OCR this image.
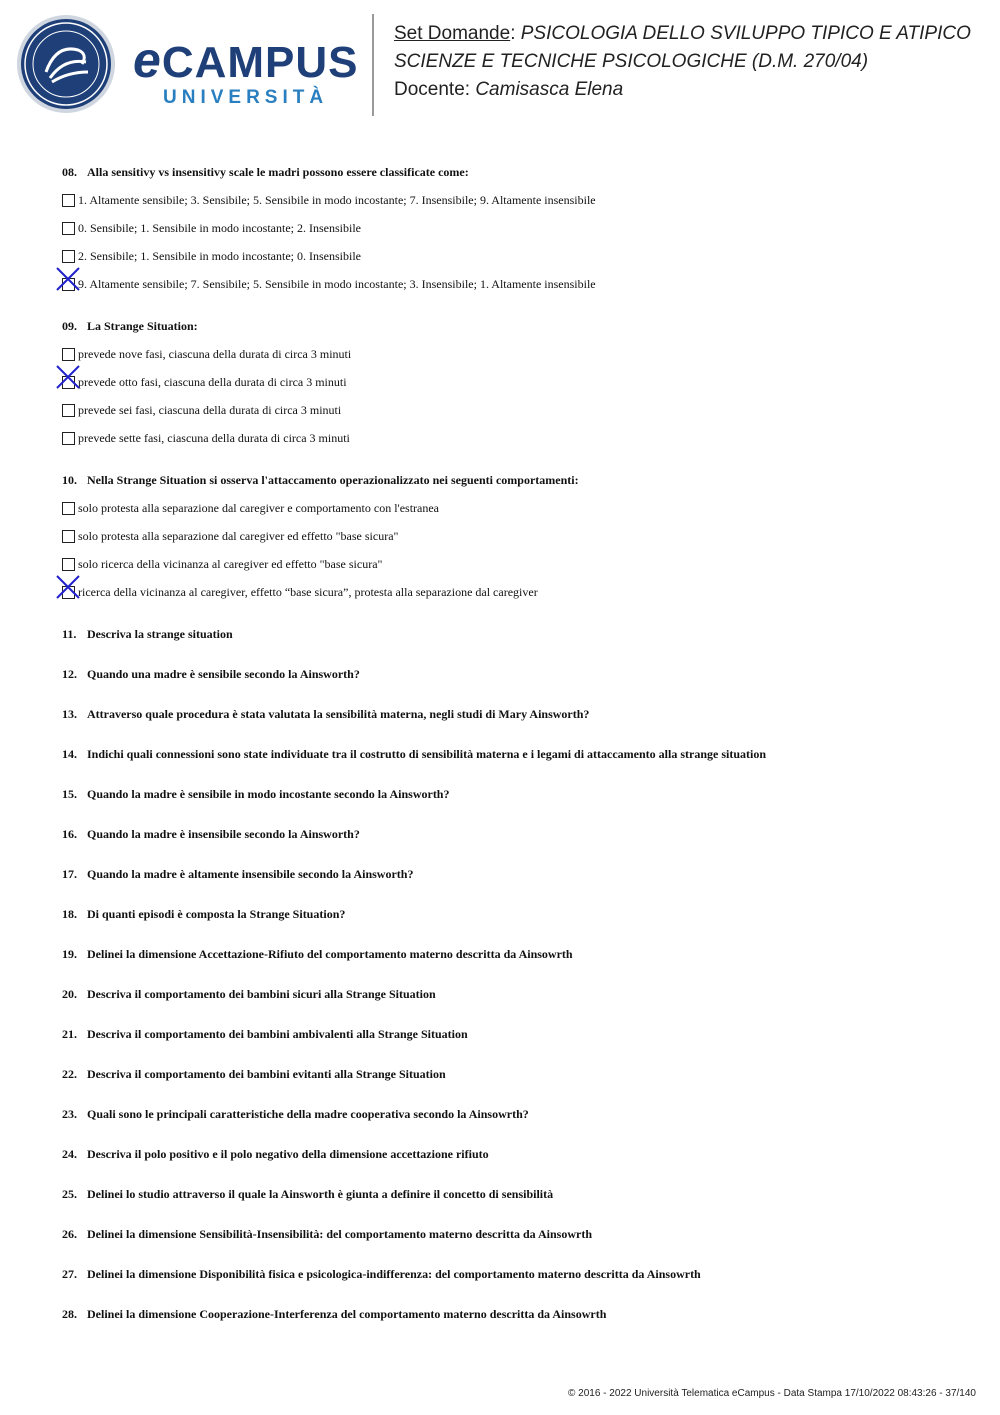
eCAMPUS
UNIVERSITÀ
Set Domande: PSICOLOGIA DELLO SVILUPPO TIPICO E ATIPICO
SCIENZE E TECNICHE PSICOLOGICHE (D.M. 270/04)
Docente: Camisasca Elena
08. Alla sensitivy vs insensitivy scale le madri possono essere classificate come:
1. Altamente sensibile; 3. Sensibile; 5. Sensibile in modo incostante; 7. Insensibile; 9. Altamente insensibile
0. Sensibile; 1. Sensibile in modo incostante; 2. Insensibile
2. Sensibile; 1. Sensibile in modo incostante; 0. Insensibile
9. Altamente sensibile; 7. Sensibile; 5. Sensibile in modo incostante; 3. Insensibile; 1. Altamente insensibile
09. La Strange Situation:
prevede nove fasi, ciascuna della durata di circa 3 minuti
prevede otto fasi, ciascuna della durata di circa 3 minuti
prevede sei fasi, ciascuna della durata di circa 3 minuti
prevede sette fasi, ciascuna della durata di circa 3 minuti
10. Nella Strange Situation si osserva l'attaccamento operazionalizzato nei seguenti comportamenti:
solo protesta alla separazione dal caregiver e comportamento con l'estranea
solo protesta alla separazione dal caregiver ed effetto "base sicura"
solo ricerca della vicinanza al caregiver ed effetto "base sicura"
ricerca della vicinanza al caregiver, effetto “base sicura”, protesta alla separazione dal caregiver
11. Descriva la strange situation
12. Quando una madre è sensibile secondo la Ainsworth?
13. Attraverso quale procedura è stata valutata la sensibilità materna, negli studi di Mary Ainsworth?
14. Indichi quali connessioni sono state individuate tra il costrutto di sensibilità materna e i legami di attaccamento alla strange situation
15. Quando la madre è sensibile in modo incostante secondo la Ainsworth?
16. Quando la madre è insensibile secondo la Ainsworth?
17. Quando la madre è altamente insensibile secondo la Ainsworth?
18. Di quanti episodi è composta la Strange Situation?
19. Delinei la dimensione Accettazione-Rifiuto del comportamento materno descritta da Ainsowrth
20. Descriva il comportamento dei bambini sicuri alla Strange Situation
21. Descriva il comportamento dei bambini ambivalenti alla Strange Situation
22. Descriva il comportamento dei bambini evitanti alla Strange Situation
23. Quali sono le principali caratteristiche della madre cooperativa secondo la Ainsowrth?
24. Descriva il polo positivo e il polo negativo della dimensione accettazione rifiuto
25. Delinei lo studio attraverso il quale la Ainsworth è giunta a definire il concetto di sensibilità
26. Delinei la dimensione Sensibilità-Insensibilità: del comportamento materno descritta da Ainsowrth
27. Delinei la dimensione Disponibilità fisica e psicologica-indifferenza: del comportamento materno descritta da Ainsowrth
28. Delinei la dimensione Cooperazione-Interferenza del comportamento materno descritta da Ainsowrth
© 2016 - 2022 Università Telematica eCampus - Data Stampa 17/10/2022 08:43:26 - 37/140
